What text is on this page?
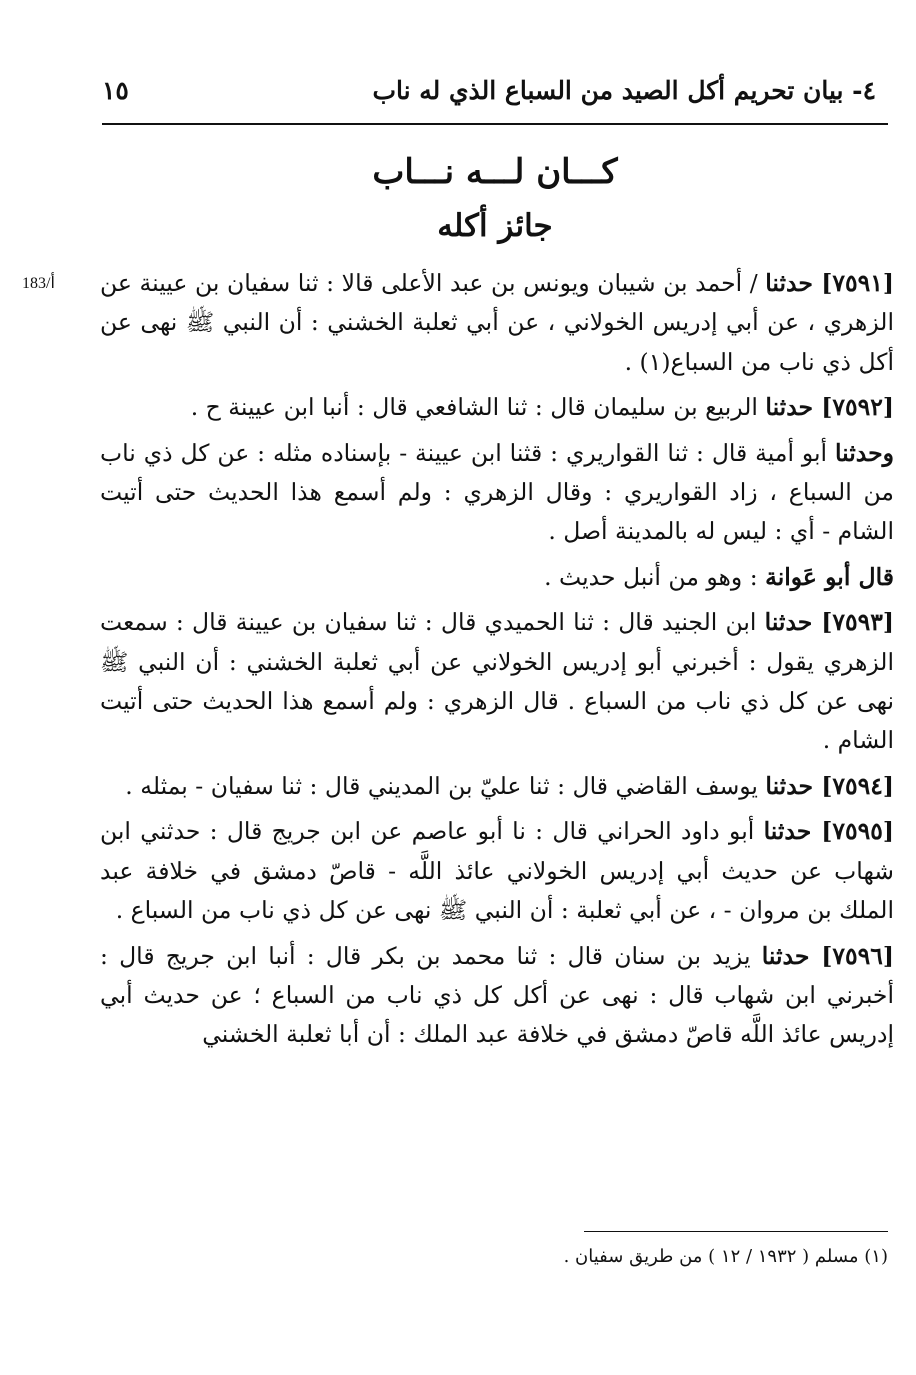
٤- بيان تحريم أكل الصيد من السباع الذي له ناب
١٥
كـــان لـــه نـــاب
جائز أكله
183/أ	[٧٥٩١] حدثنا / أحمد بن شيبان ويونس بن عبد الأعلى قالا : ثنا سفيان بن عيينة عن الزهري ، عن أبي إدريس الخولاني ، عن أبي ثعلبة الخشني : أن النبي ﷺ نهى عن أكل ذي ناب من السباع(١) .

[٧٥٩٢] حدثنا الربيع بن سليمان قال : ثنا الشافعي قال : أنبا ابن عيينة ح .

وحدثنا أبو أمية قال : ثنا القواريري : قثنا ابن عيينة - بإسناده مثله : عن كل ذي ناب من السباع ، زاد القواريري : وقال الزهري : ولم أسمع هذا الحديث حتى أتيت الشام - أي : ليس له بالمدينة أصل .

قال أبو عَوانة : وهو من أنبل حديث .

[٧٥٩٣] حدثنا ابن الجنيد قال : ثنا الحميدي قال : ثنا سفيان بن عيينة قال : سمعت الزهري يقول : أخبرني أبو إدريس الخولاني عن أبي ثعلبة الخشني : أن النبي ﷺ نهى عن كل ذي ناب من السباع . قال الزهري : ولم أسمع هذا الحديث حتى أتيت الشام .

[٧٥٩٤] حدثنا يوسف القاضي قال : ثنا عليّ بن المديني قال : ثنا سفيان - بمثله .

[٧٥٩٥] حدثنا أبو داود الحراني قال : نا أبو عاصم عن ابن جريج قال : حدثني ابن شهاب عن حديث أبي إدريس الخولاني عائذ اللَّه - قاصّ دمشق في خلافة عبد الملك بن مروان - ، عن أبي ثعلبة : أن النبي ﷺ نهى عن كل ذي ناب من السباع .

[٧٥٩٦] حدثنا يزيد بن سنان قال : ثنا محمد بن بكر قال : أنبا ابن جريج قال : أخبرني ابن شهاب قال : نهى عن أكل كل ذي ناب من السباع ؛ عن حديث أبي إدريس عائذ اللَّه قاصّ دمشق في خلافة عبد الملك : أن أبا ثعلبة الخشني

(١) مسلم ( ١٩٣٢ / ١٢ ) من طريق سفيان .
